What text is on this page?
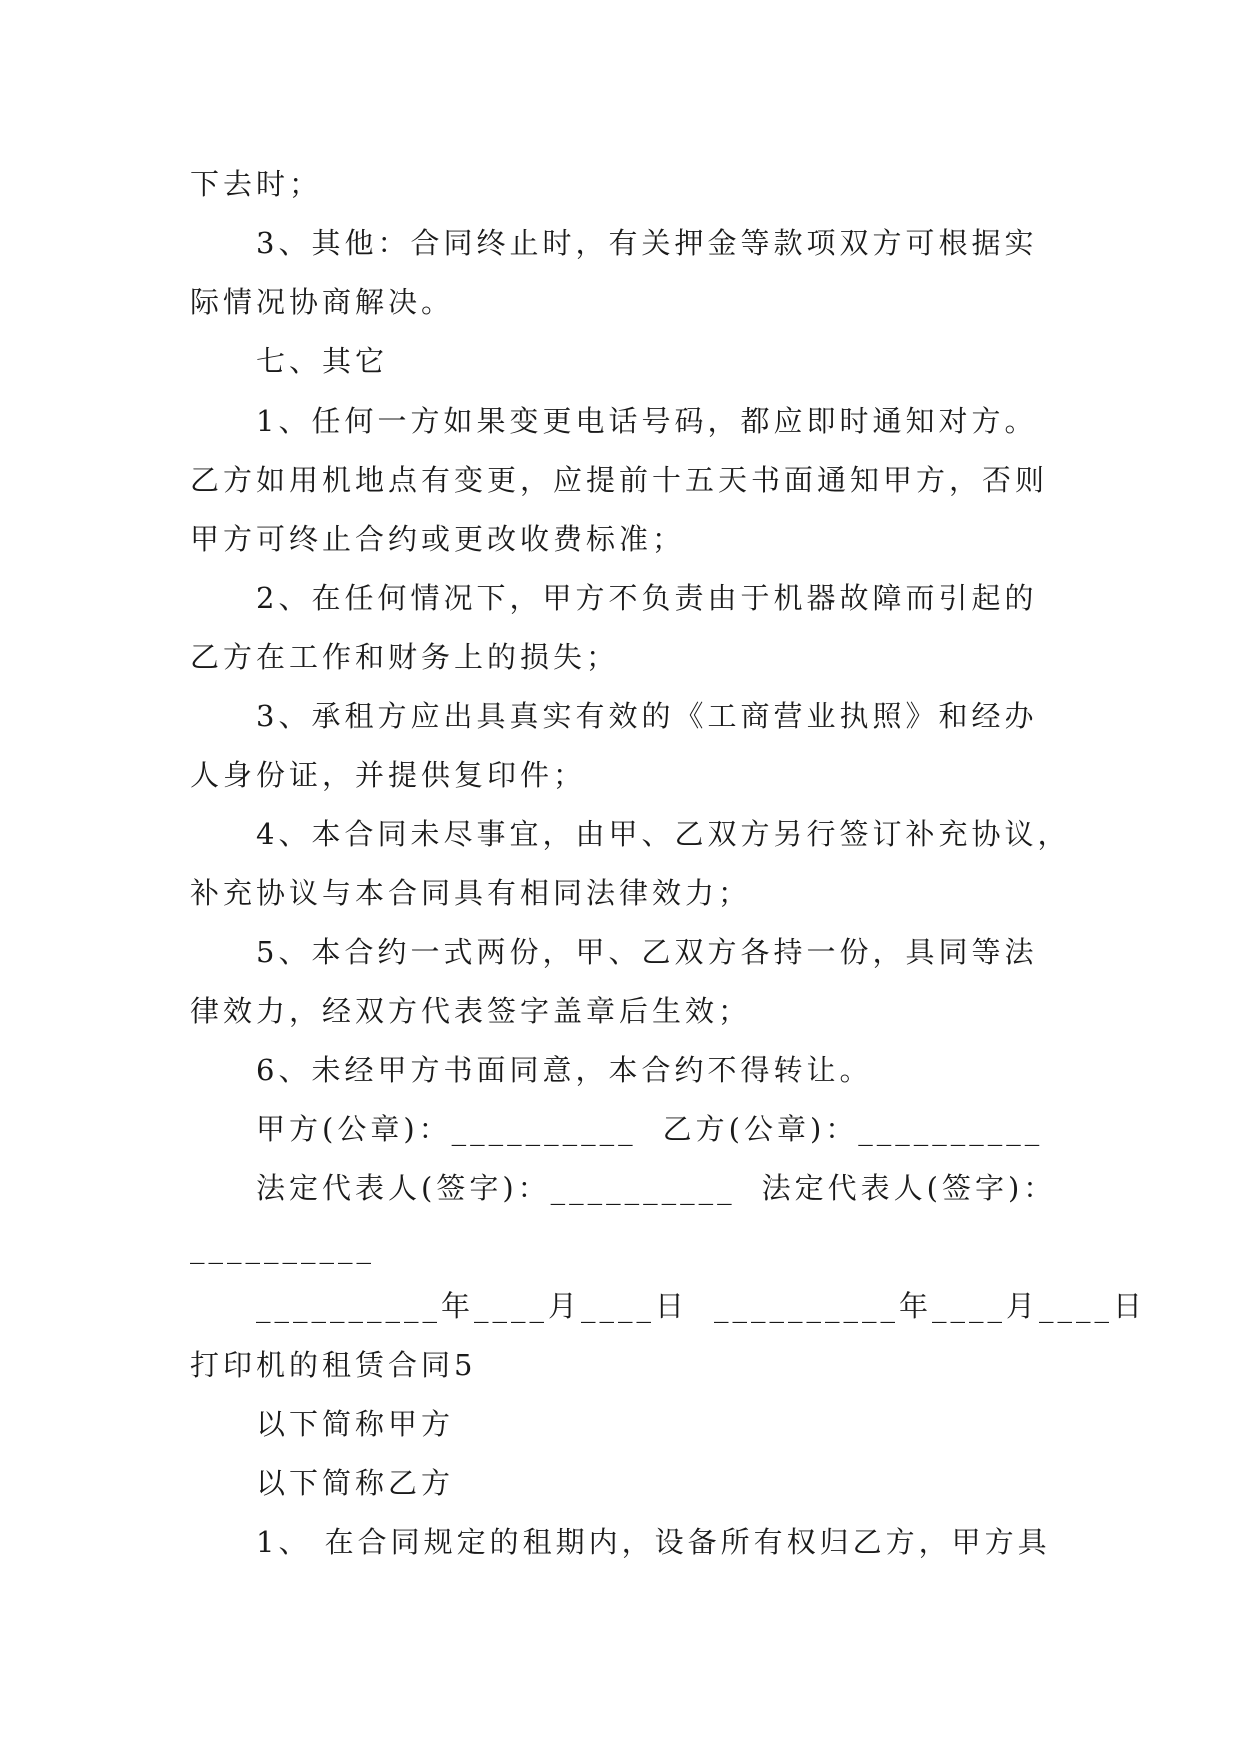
下去时；
3、其他：合同终止时，有关押金等款项双方可根据实
际情况协商解决。
七、其它
1、任何一方如果变更电话号码，都应即时通知对方。
乙方如用机地点有变更，应提前十五天书面通知甲方，否则
甲方可终止合约或更改收费标准；
2、在任何情况下，甲方不负责由于机器故障而引起的
乙方在工作和财务上的损失；
3、承租方应出具真实有效的《工商营业执照》和经办
人身份证，并提供复印件；
4、本合同未尽事宜，由甲、乙双方另行签订补充协议，
补充协议与本合同具有相同法律效力；
5、本合约一式两份，甲、乙双方各持一份，具同等法
律效力，经双方代表签字盖章后生效；
6、未经甲方书面同意，本合约不得转让。
甲方(公章)：__________ 乙方(公章)：__________
法定代表人(签字)：__________ 法定代表人(签字)：
__________
__________年____月____日 __________年____月____日
打印机的租赁合同5
以下简称甲方
以下简称乙方
1、 在合同规定的租期内，设备所有权归乙方，甲方具
